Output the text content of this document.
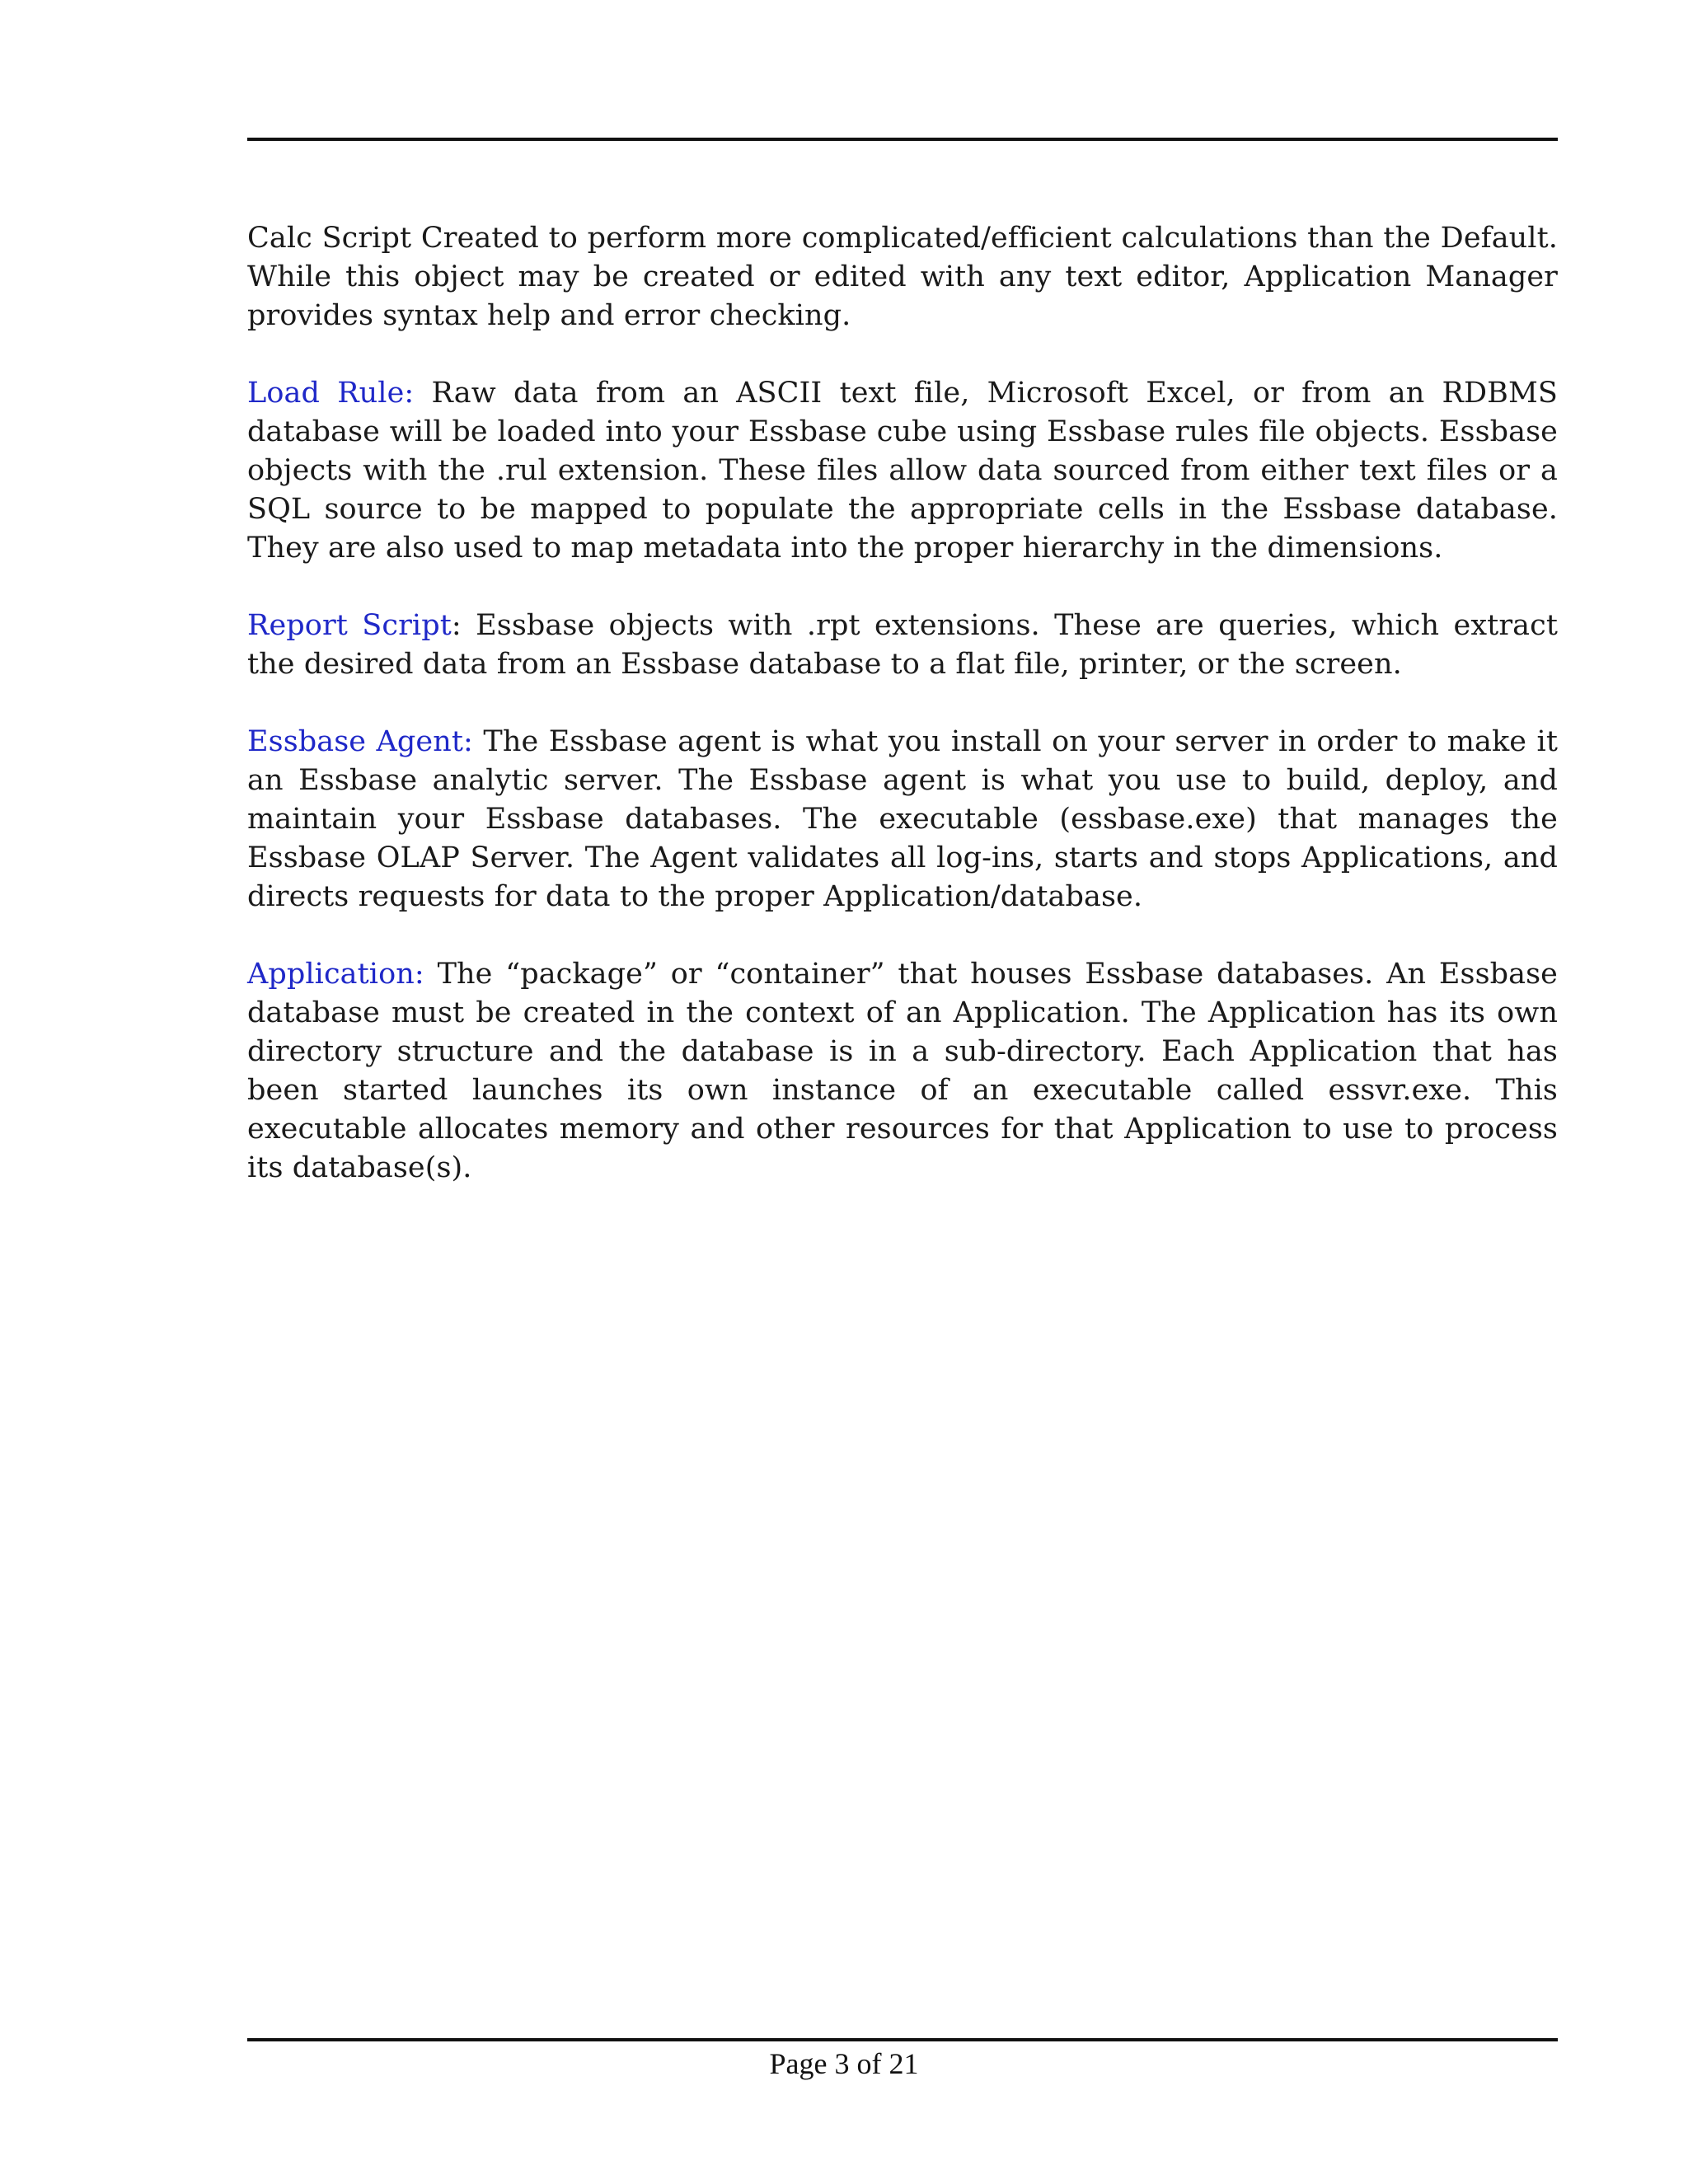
Calc Script Created to perform more complicated/efficient calculations than the Default. While this object may be created or edited with any text editor, Application Manager provides syntax help and error checking.

Load Rule: Raw data from an ASCII text file, Microsoft Excel, or from an RDBMS database will be loaded into your Essbase cube using Essbase rules file objects. Essbase objects with the .rul extension. These files allow data sourced from either text files or a SQL source to be mapped to populate the appropriate cells in the Essbase database. They are also used to map metadata into the proper hierarchy in the dimensions.

Report Script: Essbase objects with .rpt extensions. These are queries, which extract the desired data from an Essbase database to a flat file, printer, or the screen.

Essbase Agent: The Essbase agent is what you install on your server in order to make it an Essbase analytic server. The Essbase agent is what you use to build, deploy, and maintain your Essbase databases. The executable (essbase.exe) that manages the Essbase OLAP Server. The Agent validates all log-ins, starts and stops Applications, and directs requests for data to the proper Application/database.

Application: The “package” or “container” that houses Essbase databases. An Essbase database must be created in the context of an Application. The Application has its own directory structure and the database is in a sub-directory. Each Application that has been started launches its own instance of an executable called essvr.exe. This executable allocates memory and other resources for that Application to use to process its database(s).

Page 3 of 21
